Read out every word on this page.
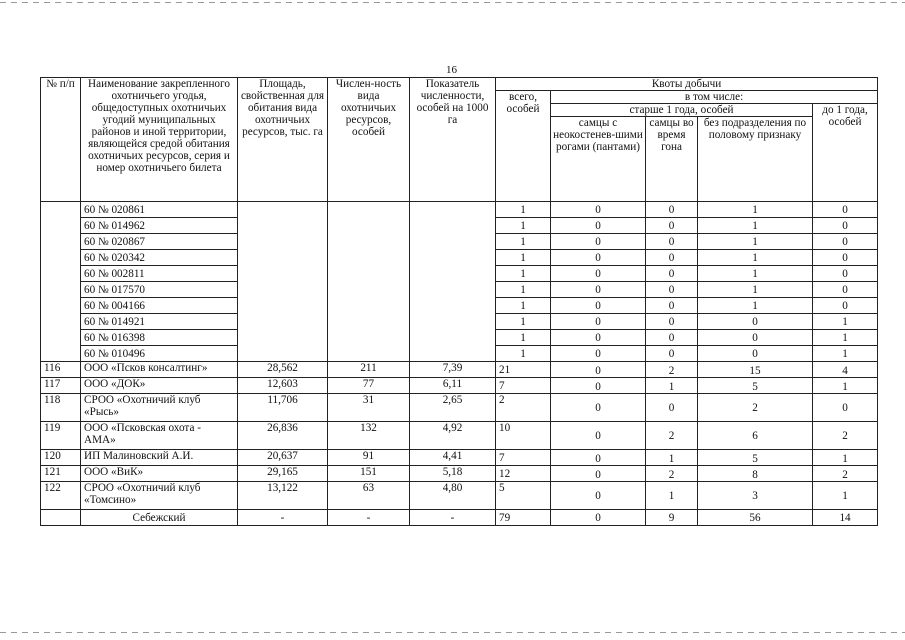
16
№ п/п	Наименование закрепленного охотничьего угодья, общедоступных охотничьих угодий муниципальных районов и иной территории, являющейся средой обитания охотничьих ресурсов, серия и номер охотничьего билета	Площадь, свойственная для обитания вида охотничьих ресурсов, тыс. га	Числен-ность вида охотничьих ресурсов, особей	Показатель численности, особей на 1000 га	Квоты добычи				
					всего, особей	в том числе:			
						старше 1 года, особей			до 1 года, особей
						самцы с неокостенев-шими рогами (пантами)	самцы во время гона	без подразделения по половому признаку	
	60 № 020861				1	0	0	1	0
	60 № 014962				1	0	0	1	0
	60 № 020867				1	0	0	1	0
	60 № 020342				1	0	0	1	0
	60 № 002811				1	0	0	1	0
	60 № 017570				1	0	0	1	0
	60 № 004166				1	0	0	1	0
	60 № 014921				1	0	0	0	1
	60 № 016398				1	0	0	0	1
	60 № 010496				1	0	0	0	1
116	ООО «Псков консалтинг»	28,562	211	7,39	21	0	2	15	4
117	ООО «ДОК»	12,603	77	6,11	7	0	1	5	1
118	СРОО «Охотничий клуб «Рысь»	11,706	31	2,65	2	0	0	2	0
119	ООО «Псковская охота - АМА»	26,836	132	4,92	10	0	2	6	2
120	ИП Малиновский А.И.	20,637	91	4,41	7	0	1	5	1
121	ООО «ВиК»	29,165	151	5,18	12	0	2	8	2
122	СРОО «Охотничий клуб «Томсино»	13,122	63	4,80	5	0	1	3	1
	Себежский	-	-	-	79	0	9	56	14
